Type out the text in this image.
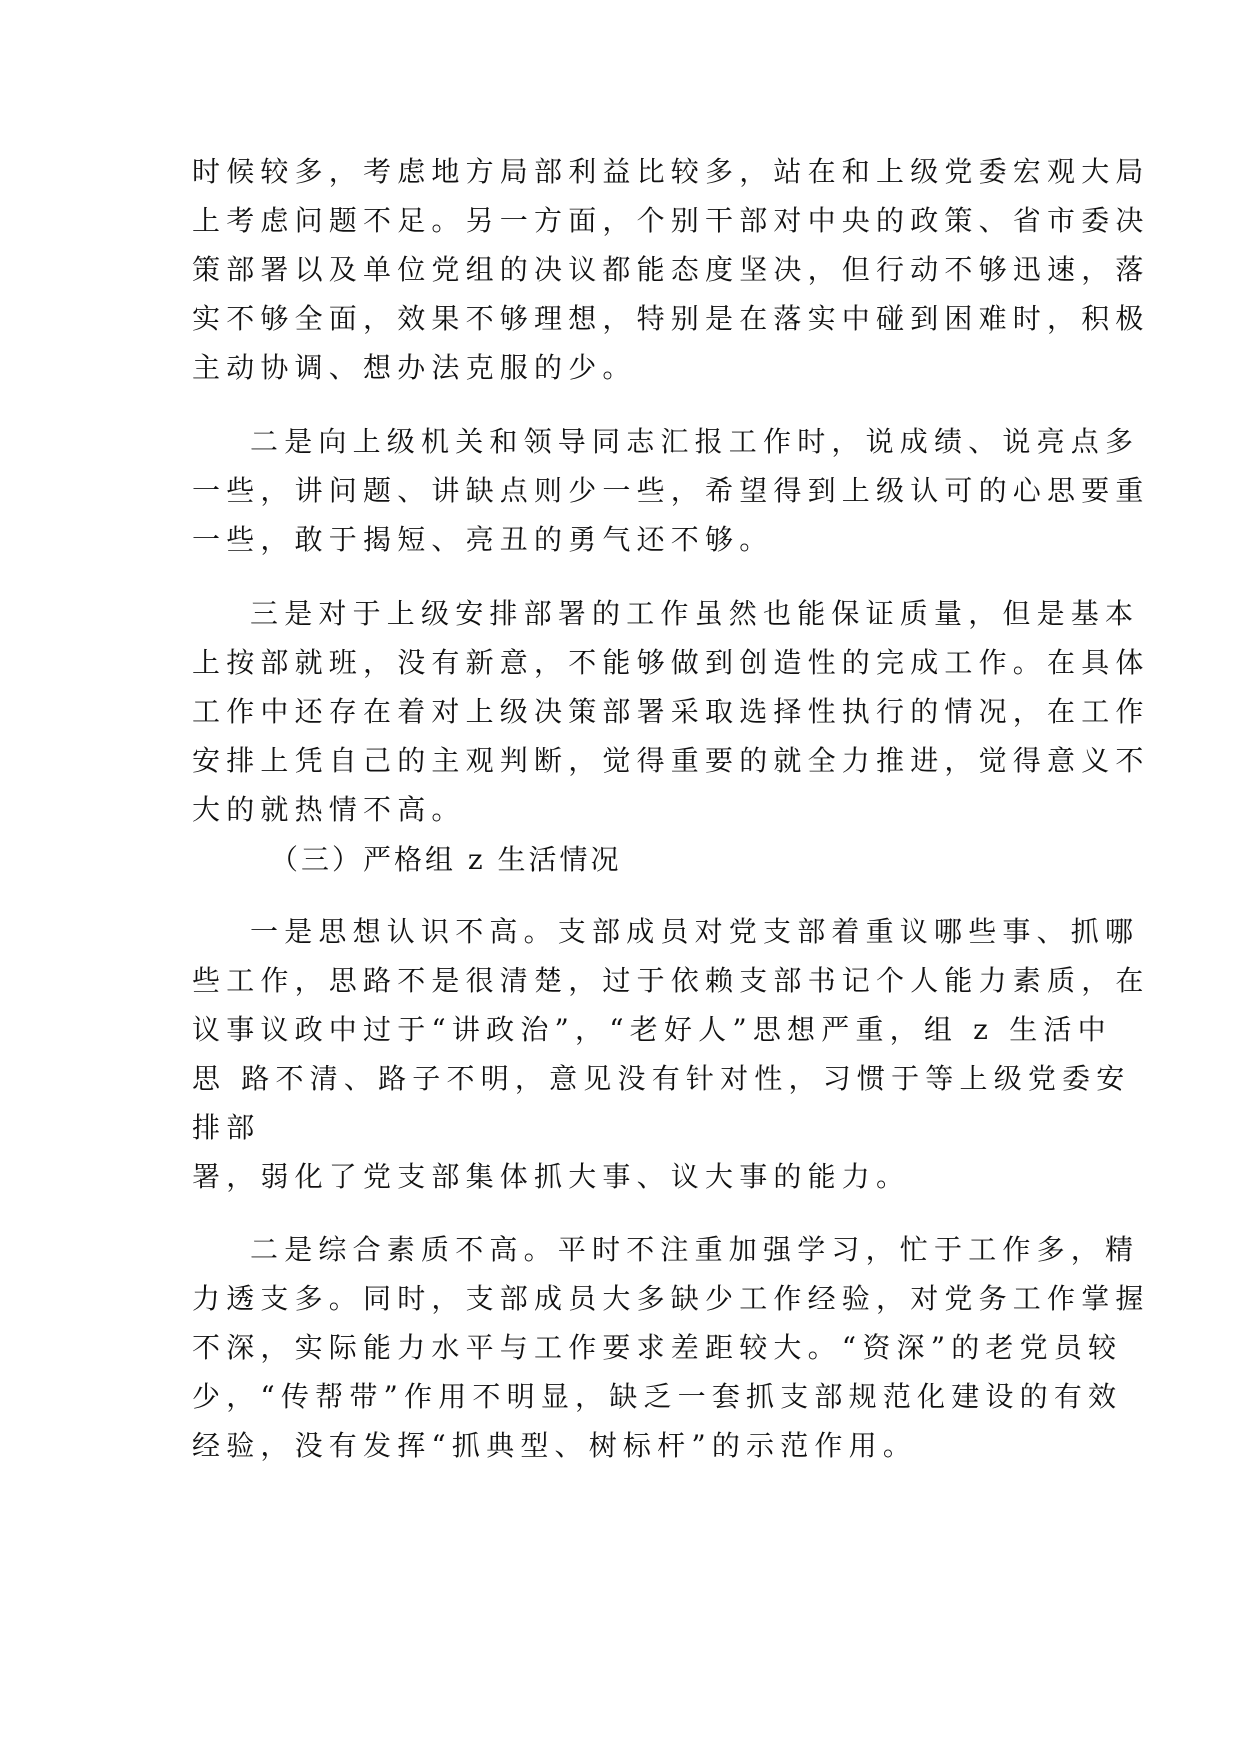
时候较多，考虑地方局部利益比较多，站在和上级党委宏观大局
上考虑问题不足。另一方面，个别干部对中央的政策、省市委决
策部署以及单位党组的决议都能态度坚决，但行动不够迅速，落
实不够全面，效果不够理想，特别是在落实中碰到困难时，积极
主动协调、想办法克服的少。
二是向上级机关和领导同志汇报工作时，说成绩、说亮点多
一些，讲问题、讲缺点则少一些，希望得到上级认可的心思要重
一些，敢于揭短、亮丑的勇气还不够。
三是对于上级安排部署的工作虽然也能保证质量，但是基本
上按部就班，没有新意，不能够做到创造性的完成工作。在具体
工作中还存在着对上级决策部署采取选择性执行的情况，在工作
安排上凭自己的主观判断，觉得重要的就全力推进，觉得意义不
大的就热情不高。
（三）严格组 z 生活情况
一是思想认识不高。支部成员对党支部着重议哪些事、抓哪
些工作，思路不是很清楚，过于依赖支部书记个人能力素质，在
议事议政中过于“讲政治”，“老好人”思想严重，组 z 生活中
思 路不清、路子不明，意见没有针对性，习惯于等上级党委安
排部
署，弱化了党支部集体抓大事、议大事的能力。
二是综合素质不高。平时不注重加强学习，忙于工作多，精
力透支多。同时，支部成员大多缺少工作经验，对党务工作掌握
不深，实际能力水平与工作要求差距较大。“资深”的老党员较
少，“传帮带”作用不明显，缺乏一套抓支部规范化建设的有效
经验，没有发挥“抓典型、树标杆”的示范作用。
